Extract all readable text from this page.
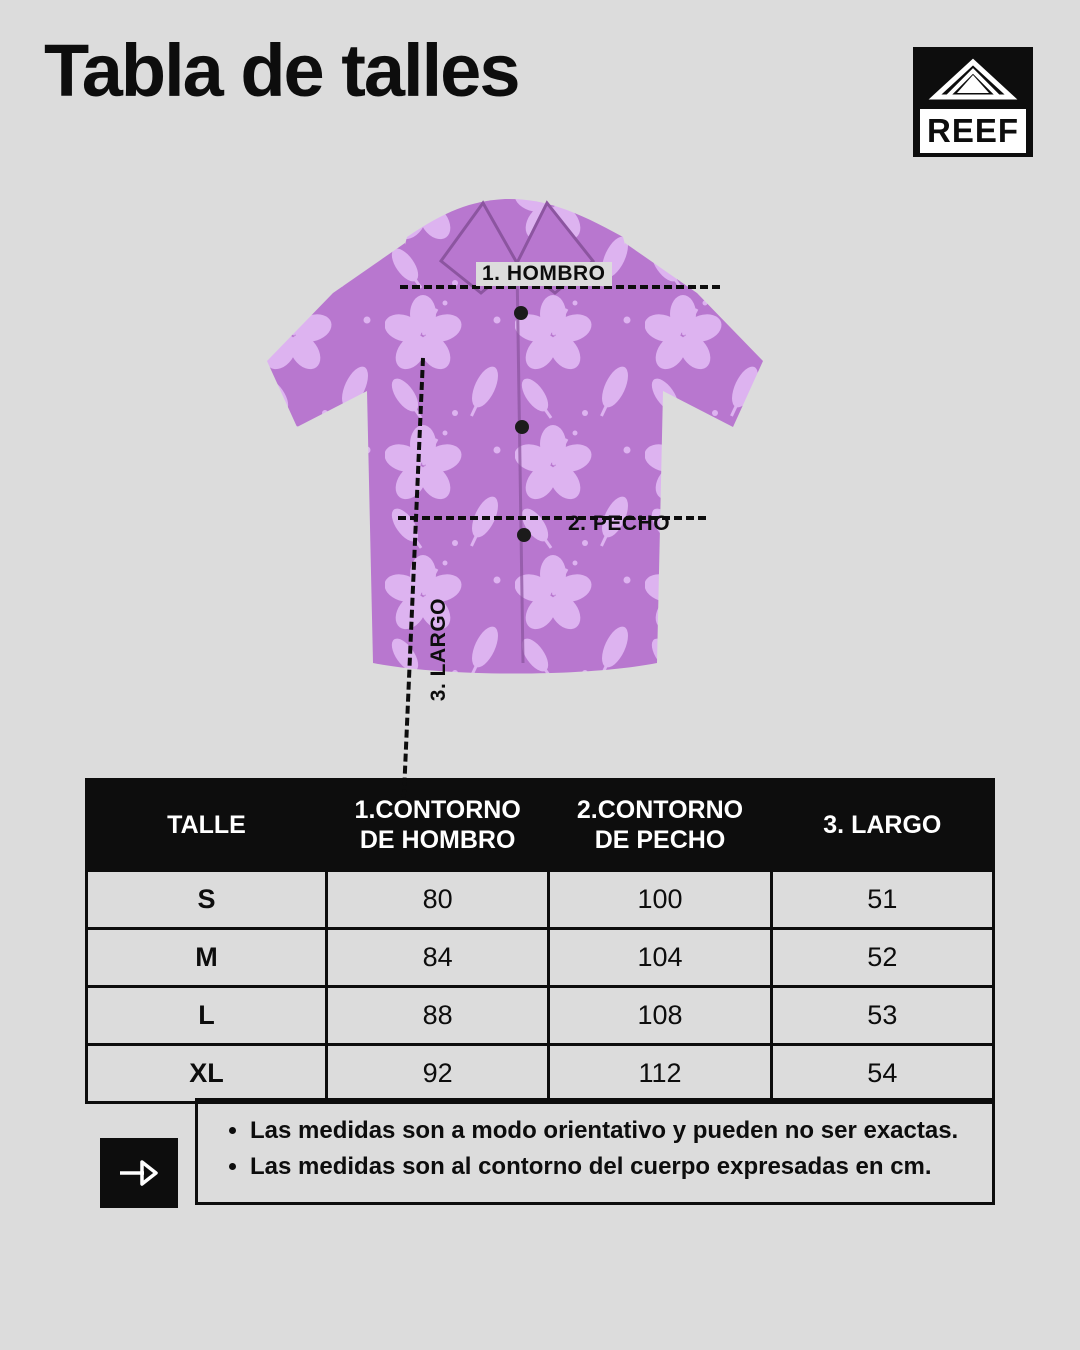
Tabla de talles
REEF
1. HOMBRO
2. PECHO
3. LARGO
TALLE	1.CONTORNO DE HOMBRO	2.CONTORNO DE PECHO	3. LARGO
S	80	100	51
M	84	104	52
L	88	108	53
XL	92	112	54
• Las medidas son a modo orientativo y pueden no ser exactas.
• Las medidas son al contorno del cuerpo expresadas en cm.
